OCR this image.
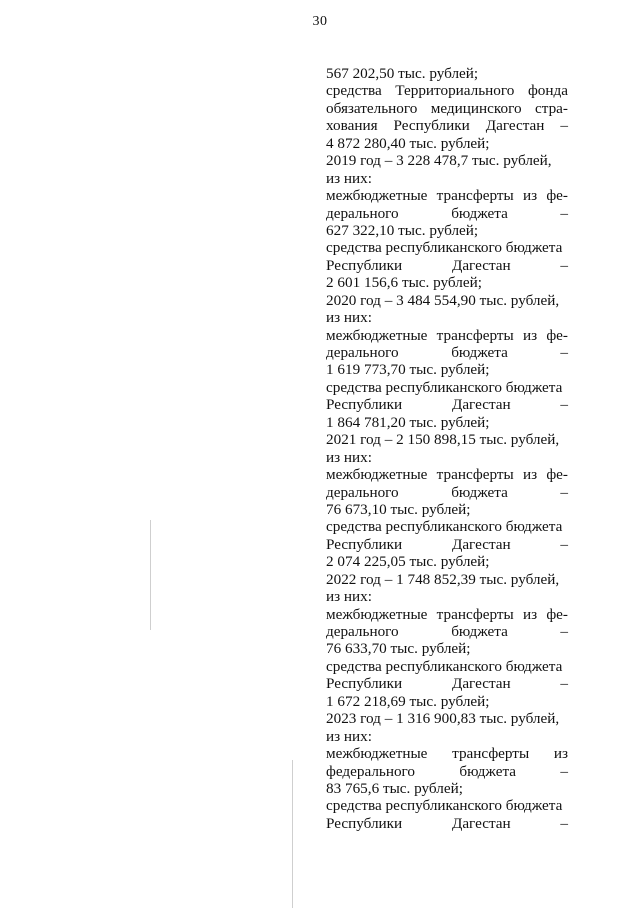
30
567 202,50 тыс. рублей;
средства Территориального фонда
обязательного медицинского стра-
хования Республики Дагестан –
4 872 280,40 тыс. рублей;
2019 год – 3 228 478,7 тыс. рублей,
из них:
межбюджетные трансферты из фе-
дерального	бюджета	–
627 322,10 тыс. рублей;
средства республиканского бюджета
Республики	Дагестан	–
2 601 156,6 тыс. рублей;
2020 год – 3 484 554,90 тыс. рублей,
из них:
межбюджетные трансферты из фе-
дерального	бюджета	–
1 619 773,70 тыс. рублей;
средства республиканского бюджета
Республики	Дагестан	–
1 864 781,20 тыс. рублей;
2021 год – 2 150 898,15 тыс. рублей,
из них:
межбюджетные трансферты из фе-
дерального	бюджета	–
76 673,10 тыс. рублей;
средства республиканского бюджета
Республики	Дагестан	–
2 074 225,05 тыс. рублей;
2022 год – 1 748 852,39 тыс. рублей,
из них:
межбюджетные трансферты из фе-
дерального	бюджета	–
76 633,70 тыс. рублей;
средства республиканского бюджета
Республики	Дагестан	–
1 672 218,69 тыс. рублей;
2023 год – 1 316 900,83 тыс. рублей,
из них:
межбюджетные трансферты из
федерального	бюджета	–
83 765,6 тыс. рублей;
средства республиканского бюджета
Республики	Дагестан	–
